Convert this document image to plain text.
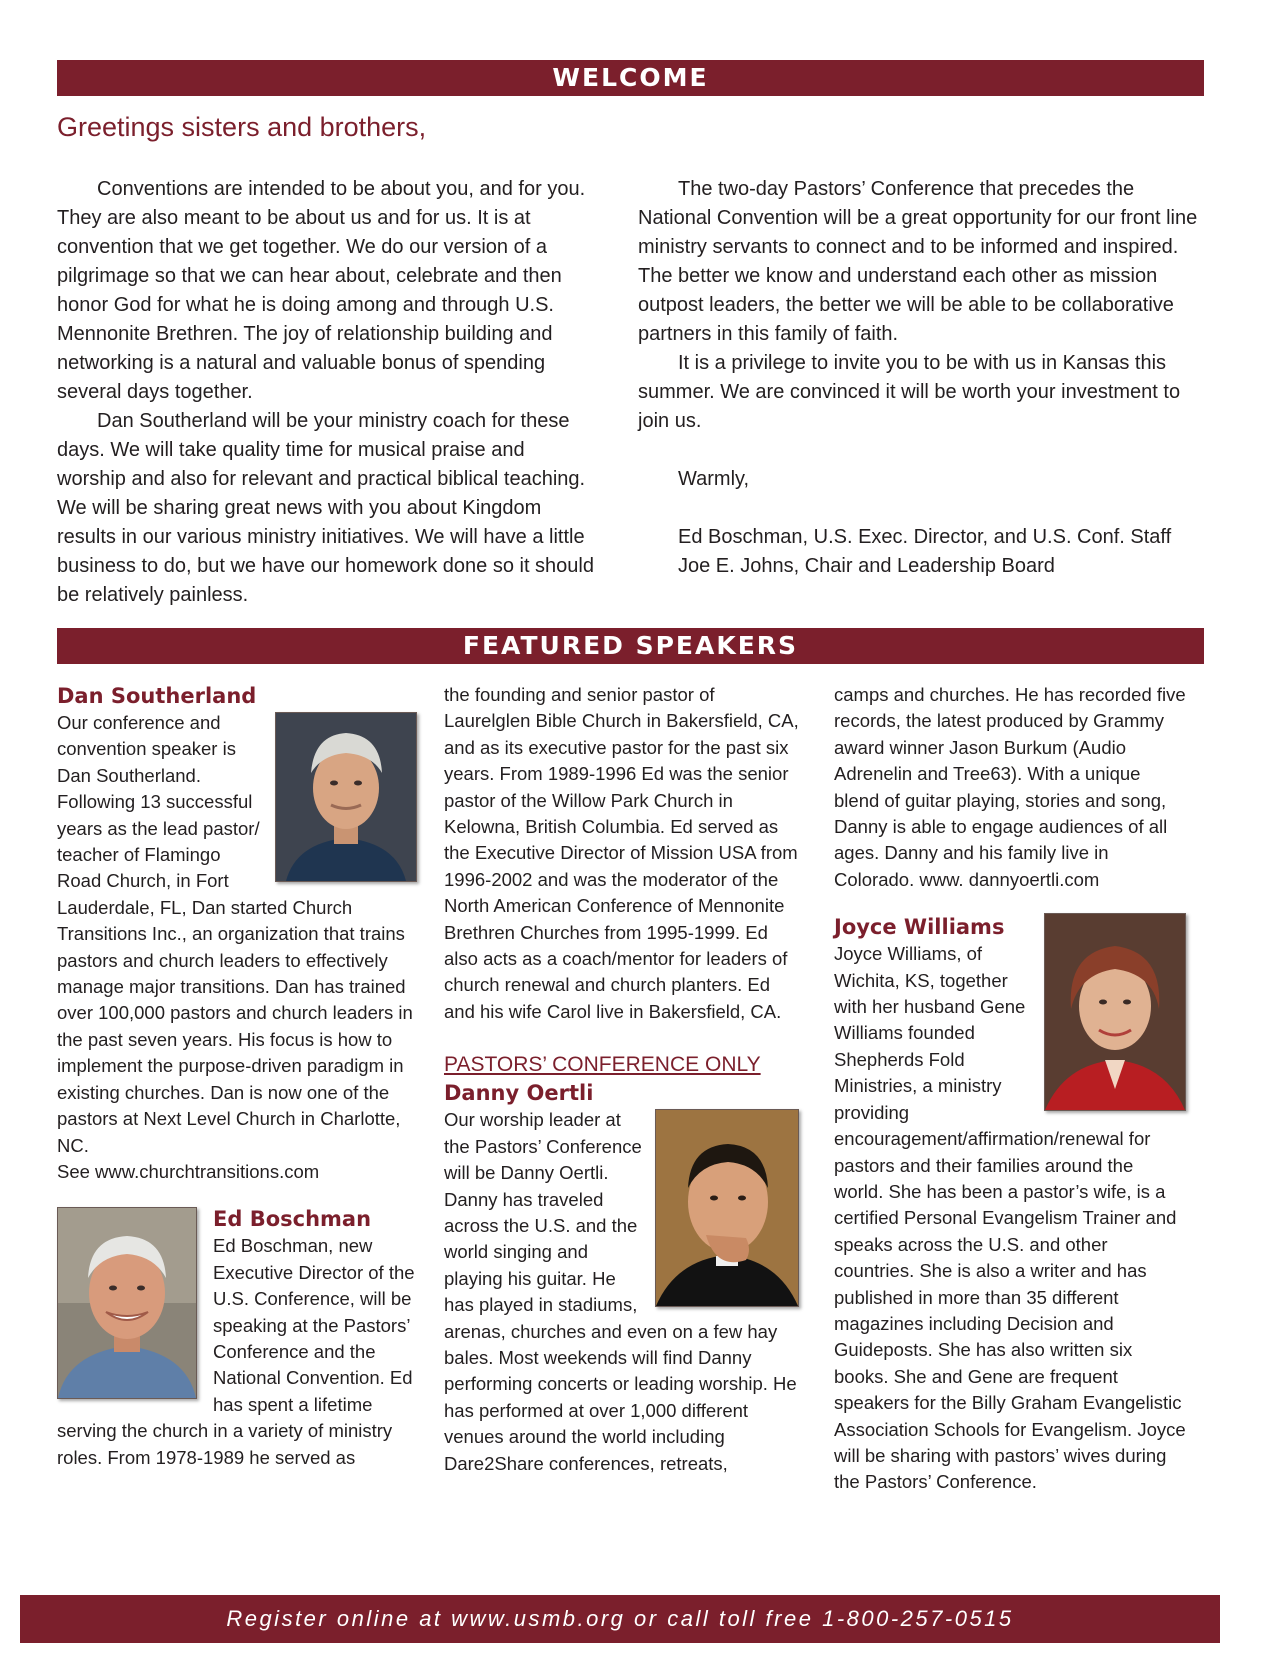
WELCOME
Greetings sisters and brothers,

Conventions are intended to be about you, and for you. They are also meant to be about us and for us. It is at convention that we get together. We do our version of a pilgrimage so that we can hear about, celebrate and then honor God for what he is doing among and through U.S. Mennonite Brethren. The joy of relationship building and networking is a natural and valuable bonus of spending several days together.

Dan Southerland will be your ministry coach for these days. We will take quality time for musical praise and worship and also for relevant and practical biblical teaching. We will be sharing great news with you about Kingdom results in our various ministry initiatives. We will have a little business to do, but we have our homework done so it should be relatively painless.

The two-day Pastors’ Conference that precedes the National Convention will be a great opportunity for our front line ministry servants to connect and to be informed and inspired. The better we know and understand each other as mission outpost leaders, the better we will be able to be collaborative partners in this family of faith.

It is a privilege to invite you to be with us in Kansas this summer. We are convinced it will be worth your investment to join us.

Warmly,

Ed Boschman, U.S. Exec. Director, and U.S. Conf. Staff

Joe E. Johns, Chair and Leadership Board

FEATURED SPEAKERS

Dan Southerland

Our conference and convention speaker is Dan Southerland. Following 13 successful years as the lead pastor/ teacher of Flamingo Road Church, in Fort Lauderdale, FL, Dan started Church Transitions Inc., an organization that trains pastors and church leaders to effectively manage major transitions. Dan has trained over 100,000 pastors and church leaders in the past seven years. His focus is how to implement the purpose-driven paradigm in existing churches. Dan is now one of the pastors at Next Level Church in Charlotte, NC.

See www.churchtransitions.com

Ed Boschman

Ed Boschman, new Executive Director of the U.S. Conference, will be speaking at the Pastors’ Conference and the National Convention. Ed has spent a lifetime serving the church in a variety of ministry roles. From 1978-1989 he served as

the founding and senior pastor of Laurelglen Bible Church in Bakersfield, CA, and as its executive pastor for the past six years. From 1989-1996 Ed was the senior pastor of the Willow Park Church in Kelowna, British Columbia. Ed served as the Executive Director of Mission USA from 1996-2002 and was the moderator of the North American Conference of Mennonite Brethren Churches from 1995-1999. Ed also acts as a coach/mentor for leaders of church renewal and church planters. Ed and his wife Carol live in Bakersfield, CA.

PASTORS’ CONFERENCE ONLY

Danny Oertli

Our worship leader at the Pastors’ Conference will be Danny Oertli. Danny has traveled across the U.S. and the world singing and playing his guitar. He has played in stadiums, arenas, churches and even on a few hay bales. Most weekends will find Danny performing concerts or leading worship. He has performed at over 1,000 different venues around the world including Dare2Share conferences, retreats,

camps and churches. He has recorded five records, the latest produced by Grammy award winner Jason Burkum (Audio Adrenelin and Tree63). With a unique blend of guitar playing, stories and song, Danny is able to engage audiences of all ages. Danny and his family live in Colorado. www. dannyoertli.com

Joyce Williams

Joyce Williams, of Wichita, KS, together with her husband Gene Williams founded Shepherds Fold Ministries, a ministry providing encouragement/affirmation/renewal for pastors and their families around the world. She has been a pastor’s wife, is a certified Personal Evangelism Trainer and speaks across the U.S. and other countries. She is also a writer and has published in more than 35 different magazines including Decision and Guideposts. She has also written six books. She and Gene are frequent speakers for the Billy Graham Evangelistic Association Schools for Evangelism. Joyce will be sharing with pastors’ wives during the Pastors’ Conference.

Register online at www.usmb.org or call toll free 1-800-257-0515
